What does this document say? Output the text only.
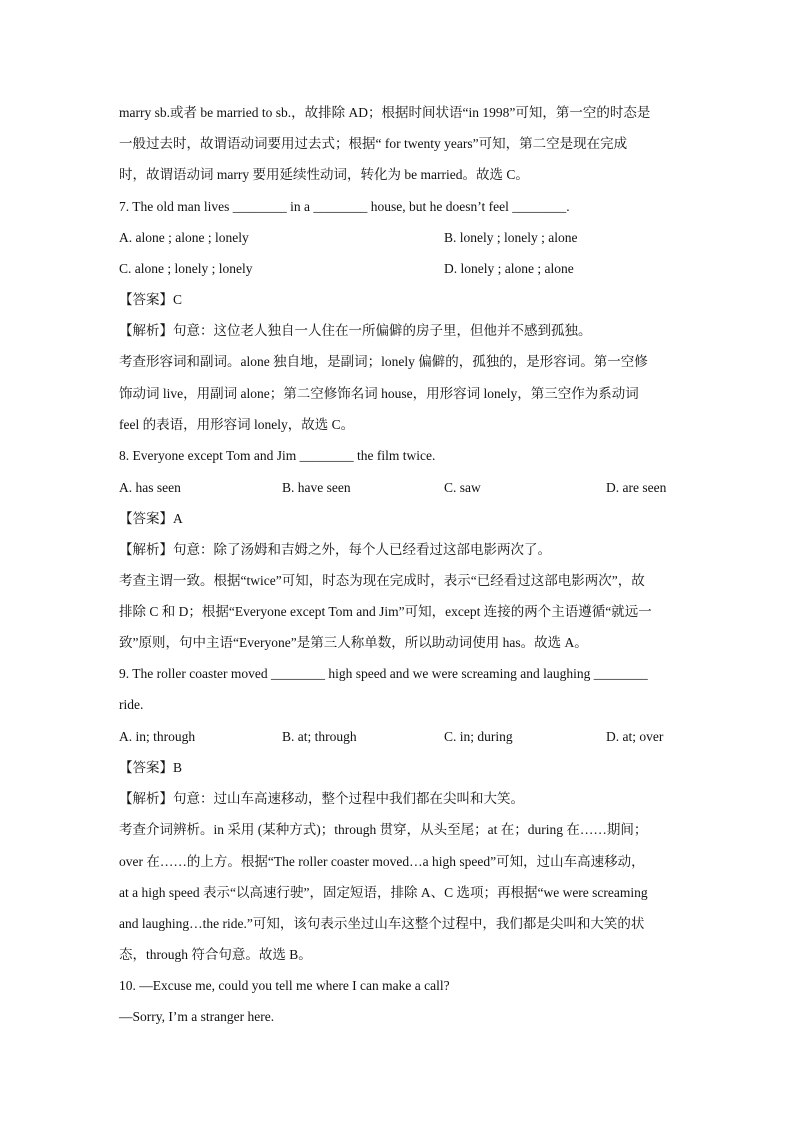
marry sb.或者 be married to sb.，故排除 AD；根据时间状语“in 1998”可知，第一空的时态是
一般过去时，故谓语动词要用过去式；根据“ for twenty years”可知，第二空是现在完成
时，故谓语动词 marry 要用延续性动词，转化为 be married。故选 C。
7. The old man lives ________ in a ________ house, but he doesn’t feel ________.
A. alone ; alone ; lonely	B. lonely ; lonely ; alone
C. alone ; lonely ; lonely	D. lonely ; alone ; alone
【答案】C
【解析】句意：这位老人独自一人住在一所偏僻的房子里，但他并不感到孤独。
考查形容词和副词。alone 独自地，是副词；lonely 偏僻的，孤独的，是形容词。第一空修
饰动词 live，用副词 alone；第二空修饰名词 house，用形容词 lonely，第三空作为系动词
feel 的表语，用形容词 lonely，故选 C。
8. Everyone except Tom and Jim ________ the film twice.
A. has seen	B. have seen	C. saw	D. are seen
【答案】A
【解析】句意：除了汤姆和吉姆之外，每个人已经看过这部电影两次了。
考查主谓一致。根据“twice”可知，时态为现在完成时，表示“已经看过这部电影两次”，故
排除 C 和 D；根据“Everyone except Tom and Jim”可知，except 连接的两个主语遵循“就远一
致”原则，句中主语“Everyone”是第三人称单数，所以助动词使用 has。故选 A。
9. The roller coaster moved ________ high speed and we were screaming and laughing ________
ride.
A. in; through	B. at; through	C. in; during	D. at; over
【答案】B
【解析】句意：过山车高速移动，整个过程中我们都在尖叫和大笑。
考查介词辨析。in 采用 (某种方式)；through 贯穿，从头至尾；at 在；during 在……期间；
over 在……的上方。根据“The roller coaster moved…a high speed”可知，过山车高速移动，
at a high speed 表示“以高速行驶”，固定短语，排除 A、C 选项；再根据“we were screaming
and laughing…the ride.”可知，该句表示坐过山车这整个过程中，我们都是尖叫和大笑的状
态，through 符合句意。故选 B。
10. —Excuse me, could you tell me where I can make a call?
—Sorry, I’m a stranger here.
